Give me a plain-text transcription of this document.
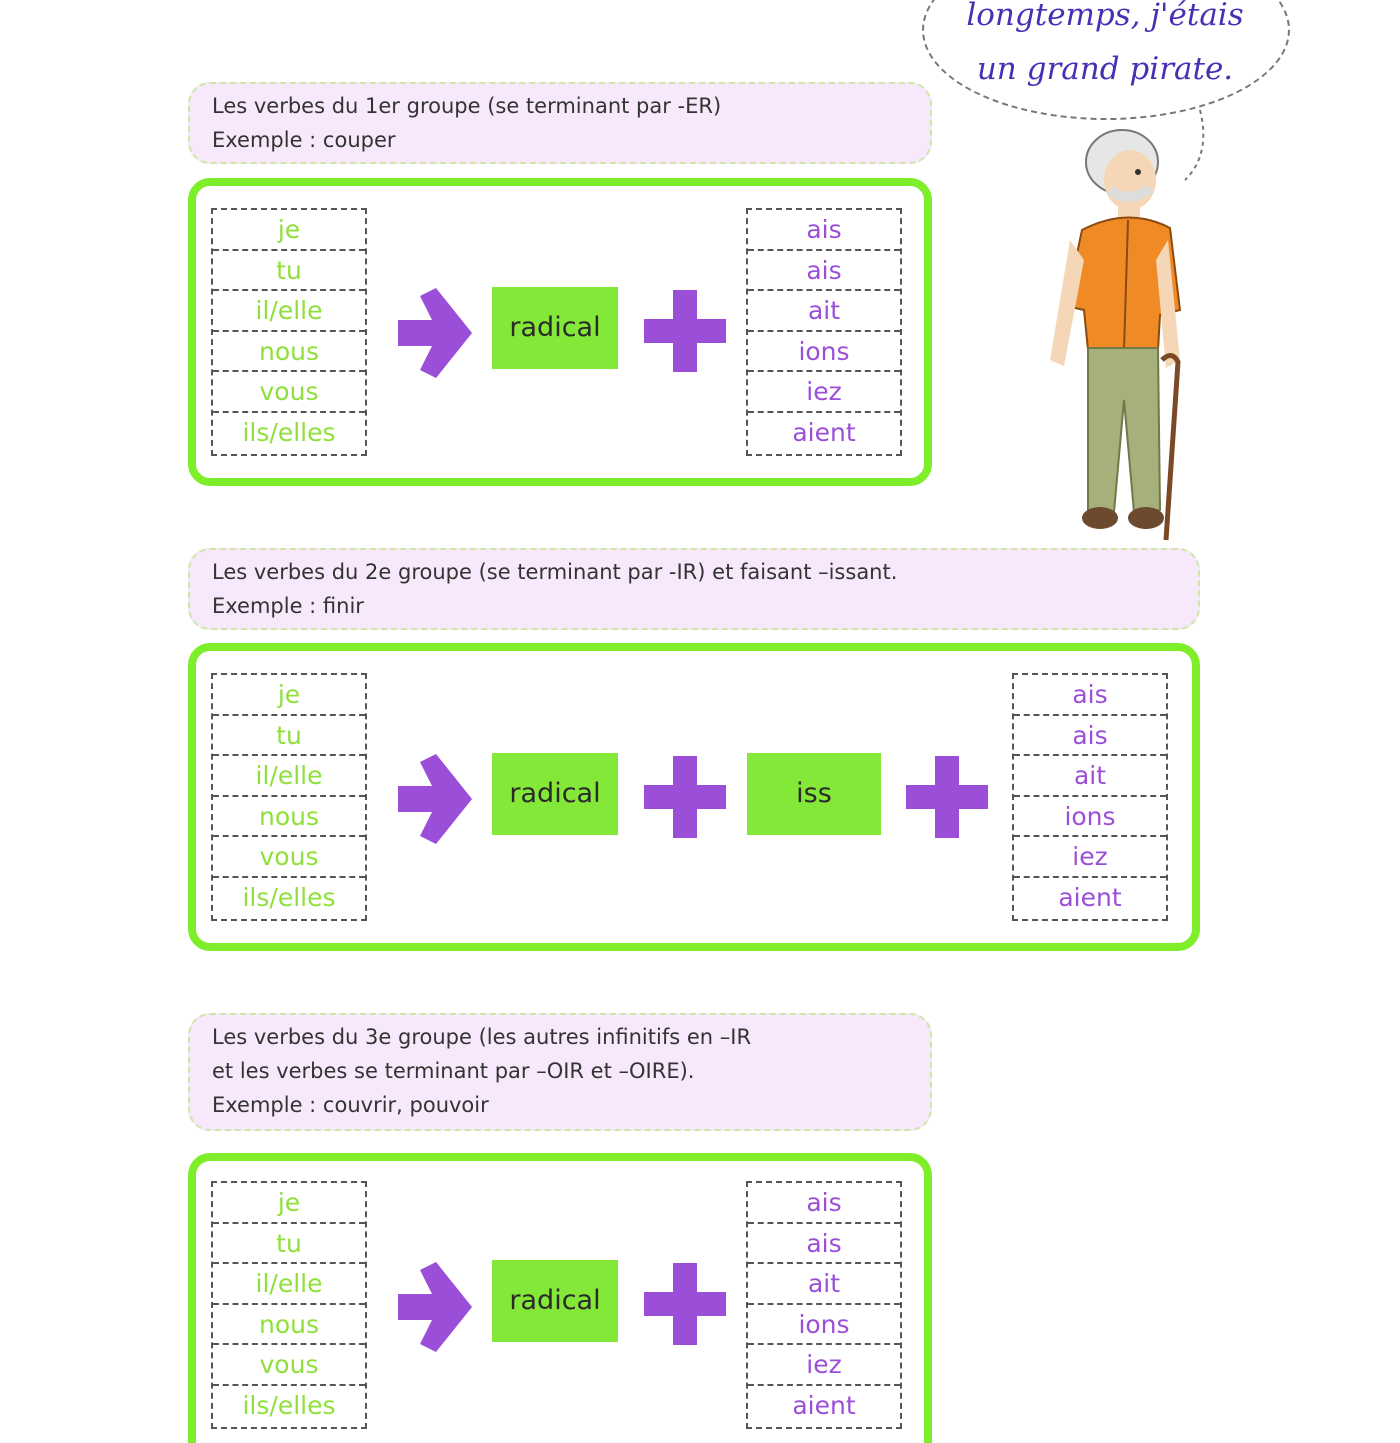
longtemps, j'étais
un grand pirate.
Les verbes du 1er groupe (se terminant par -ER)
Exemple : couper
je
tu
il/elle
nous
vous
ils/elles
radical
ais
ais
ait
ions
iez
aient
Les verbes du 2e groupe (se terminant par -IR) et faisant –issant.
Exemple : finir
je
tu
il/elle
nous
vous
ils/elles
radical	iss
ais
ais
ait
ions
iez
aient
Les verbes du 3e groupe (les autres infinitifs en –IR
et les verbes se terminant par –OIR et –OIRE).
Exemple : couvrir, pouvoir
je
tu
il/elle
nous
vous
ils/elles
radical
ais
ais
ait
ions
iez
aient
